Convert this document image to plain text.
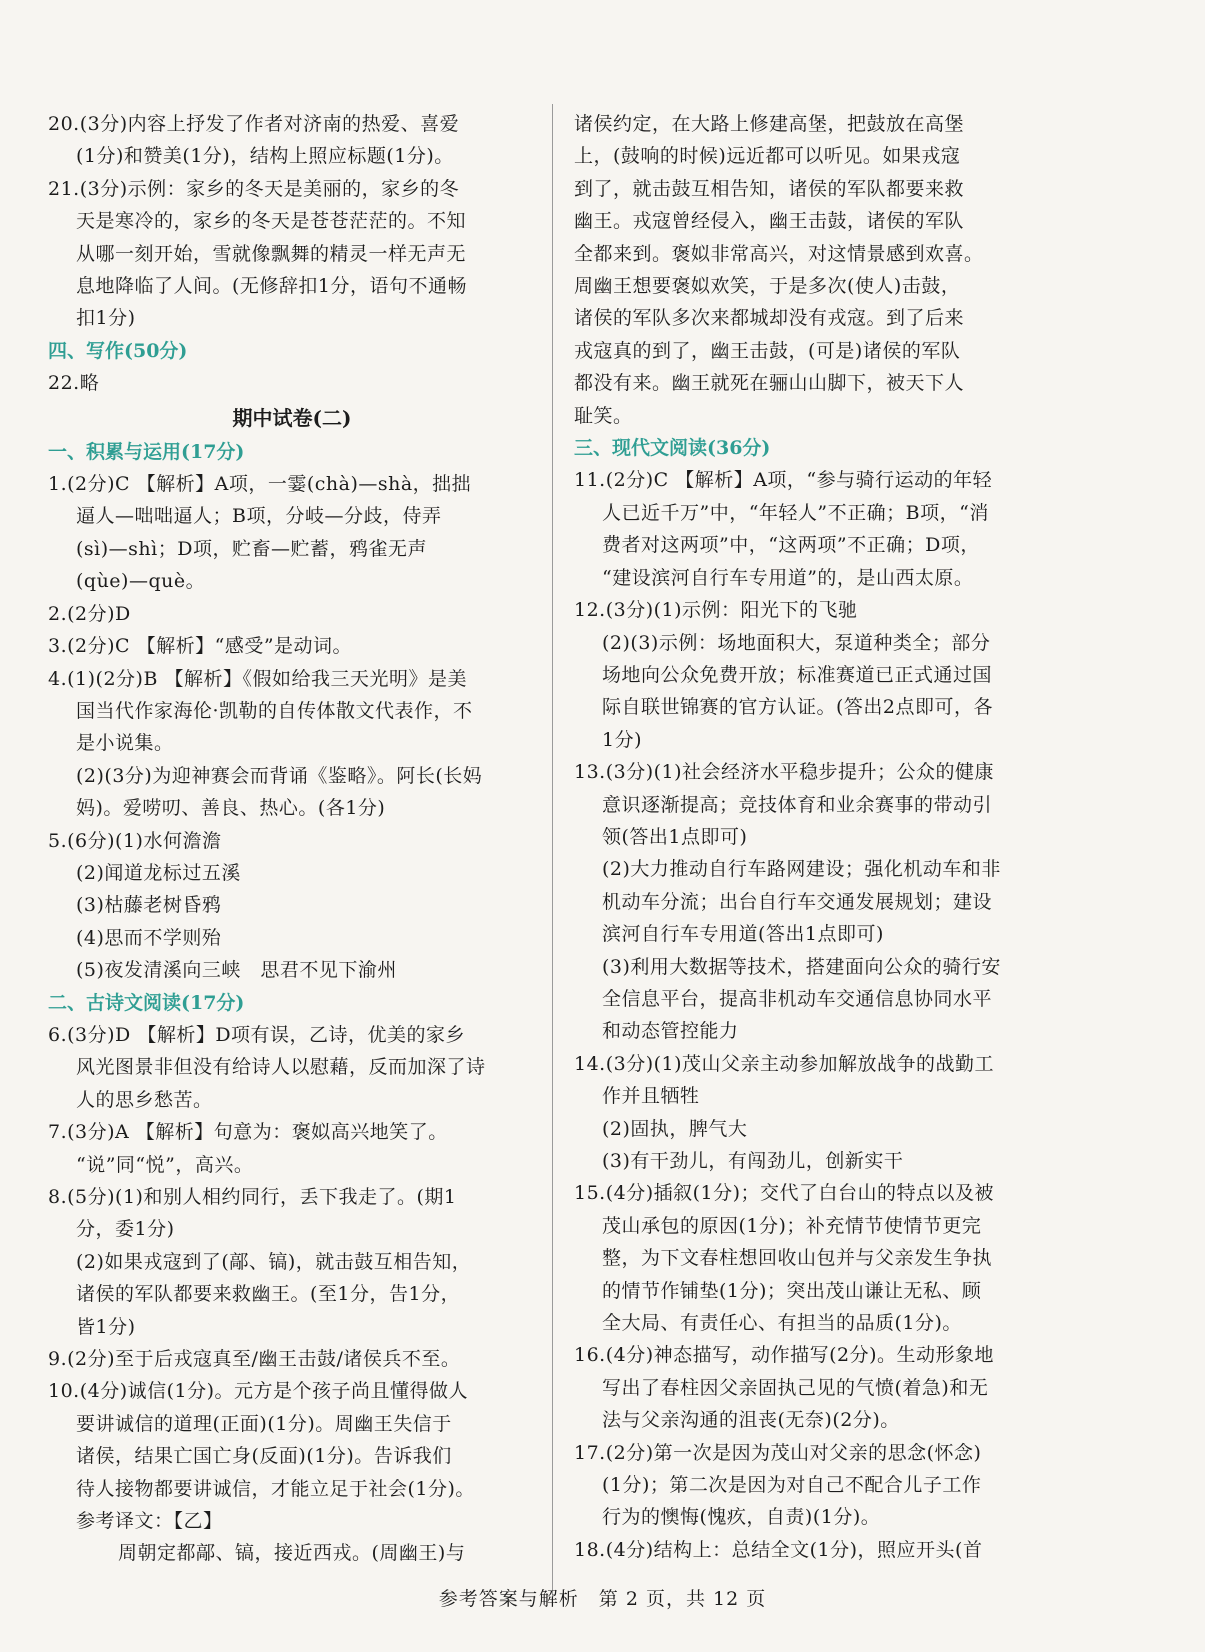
20.(3分)内容上抒发了作者对济南的热爱、喜爱
(1分)和赞美(1分)，结构上照应标题(1分)。
21.(3分)示例：家乡的冬天是美丽的，家乡的冬
天是寒冷的，家乡的冬天是苍苍茫茫的。不知
从哪一刻开始，雪就像飘舞的精灵一样无声无
息地降临了人间。(无修辞扣1分，语句不通畅
扣1分)
四、写作(50分)
22.略
期中试卷(二)
一、积累与运用(17分)
1.(2分)C 【解析】A项，一霎(chà)—shà，拙拙
逼人—咄咄逼人；B项，分岐—分歧，侍弄
(sì)—shì；D项，贮畜—贮蓄，鸦雀无声
(qùe)—què。
2.(2分)D
3.(2分)C 【解析】“感受”是动词。
4.(1)(2分)B 【解析】《假如给我三天光明》是美
国当代作家海伦·凯勒的自传体散文代表作，不
是小说集。
(2)(3分)为迎神赛会而背诵《鉴略》。阿长(长妈
妈)。爱唠叨、善良、热心。(各1分)
5.(6分)(1)水何澹澹
(2)闻道龙标过五溪
(3)枯藤老树昏鸦
(4)思而不学则殆
(5)夜发清溪向三峡　思君不见下渝州
二、古诗文阅读(17分)
6.(3分)D 【解析】D项有误，乙诗，优美的家乡
风光图景非但没有给诗人以慰藉，反而加深了诗
人的思乡愁苦。
7.(3分)A 【解析】句意为：褒姒高兴地笑了。
“说”同“悦”，高兴。
8.(5分)(1)和别人相约同行，丢下我走了。(期1
分，委1分)
(2)如果戎寇到了(鄗、镐)，就击鼓互相告知，
诸侯的军队都要来救幽王。(至1分，告1分，
皆1分)
9.(2分)至于后戎寇真至/幽王击鼓/诸侯兵不至。
10.(4分)诚信(1分)。元方是个孩子尚且懂得做人
要讲诚信的道理(正面)(1分)。周幽王失信于
诸侯，结果亡国亡身(反面)(1分)。告诉我们
待人接物都要讲诚信，才能立足于社会(1分)。
参考译文：【乙】
周朝定都鄗、镐，接近西戎。(周幽王)与
诸侯约定，在大路上修建高堡，把鼓放在高堡
上，(鼓响的时候)远近都可以听见。如果戎寇
到了，就击鼓互相告知，诸侯的军队都要来救
幽王。戎寇曾经侵入，幽王击鼓，诸侯的军队
全都来到。褒姒非常高兴，对这情景感到欢喜。
周幽王想要褒姒欢笑，于是多次(使人)击鼓，
诸侯的军队多次来都城却没有戎寇。到了后来
戎寇真的到了，幽王击鼓，(可是)诸侯的军队
都没有来。幽王就死在骊山山脚下，被天下人
耻笑。
三、现代文阅读(36分)
11.(2分)C 【解析】A项，“参与骑行运动的年轻
人已近千万”中，“年轻人”不正确；B项，“消
费者对这两项”中，“这两项”不正确；D项，
“建设滨河自行车专用道”的，是山西太原。
12.(3分)(1)示例：阳光下的飞驰
(2)(3)示例：场地面积大，泵道种类全；部分
场地向公众免费开放；标准赛道已正式通过国
际自联世锦赛的官方认证。(答出2点即可，各
1分)
13.(3分)(1)社会经济水平稳步提升；公众的健康
意识逐渐提高；竞技体育和业余赛事的带动引
领(答出1点即可)
(2)大力推动自行车路网建设；强化机动车和非
机动车分流；出台自行车交通发展规划；建设
滨河自行车专用道(答出1点即可)
(3)利用大数据等技术，搭建面向公众的骑行安
全信息平台，提高非机动车交通信息协同水平
和动态管控能力
14.(3分)(1)茂山父亲主动参加解放战争的战勤工
作并且牺牲
(2)固执，脾气大
(3)有干劲儿，有闯劲儿，创新实干
15.(4分)插叙(1分)；交代了白台山的特点以及被
茂山承包的原因(1分)；补充情节使情节更完
整，为下文春柱想回收山包并与父亲发生争执
的情节作铺垫(1分)；突出茂山谦让无私、顾
全大局、有责任心、有担当的品质(1分)。
16.(4分)神态描写，动作描写(2分)。生动形象地
写出了春柱因父亲固执己见的气愤(着急)和无
法与父亲沟通的沮丧(无奈)(2分)。
17.(2分)第一次是因为茂山对父亲的思念(怀念)
(1分)；第二次是因为对自己不配合儿子工作
行为的懊悔(愧疚，自责)(1分)。
18.(4分)结构上：总结全文(1分)，照应开头(首
参考答案与解析　第 2 页，共 12 页
